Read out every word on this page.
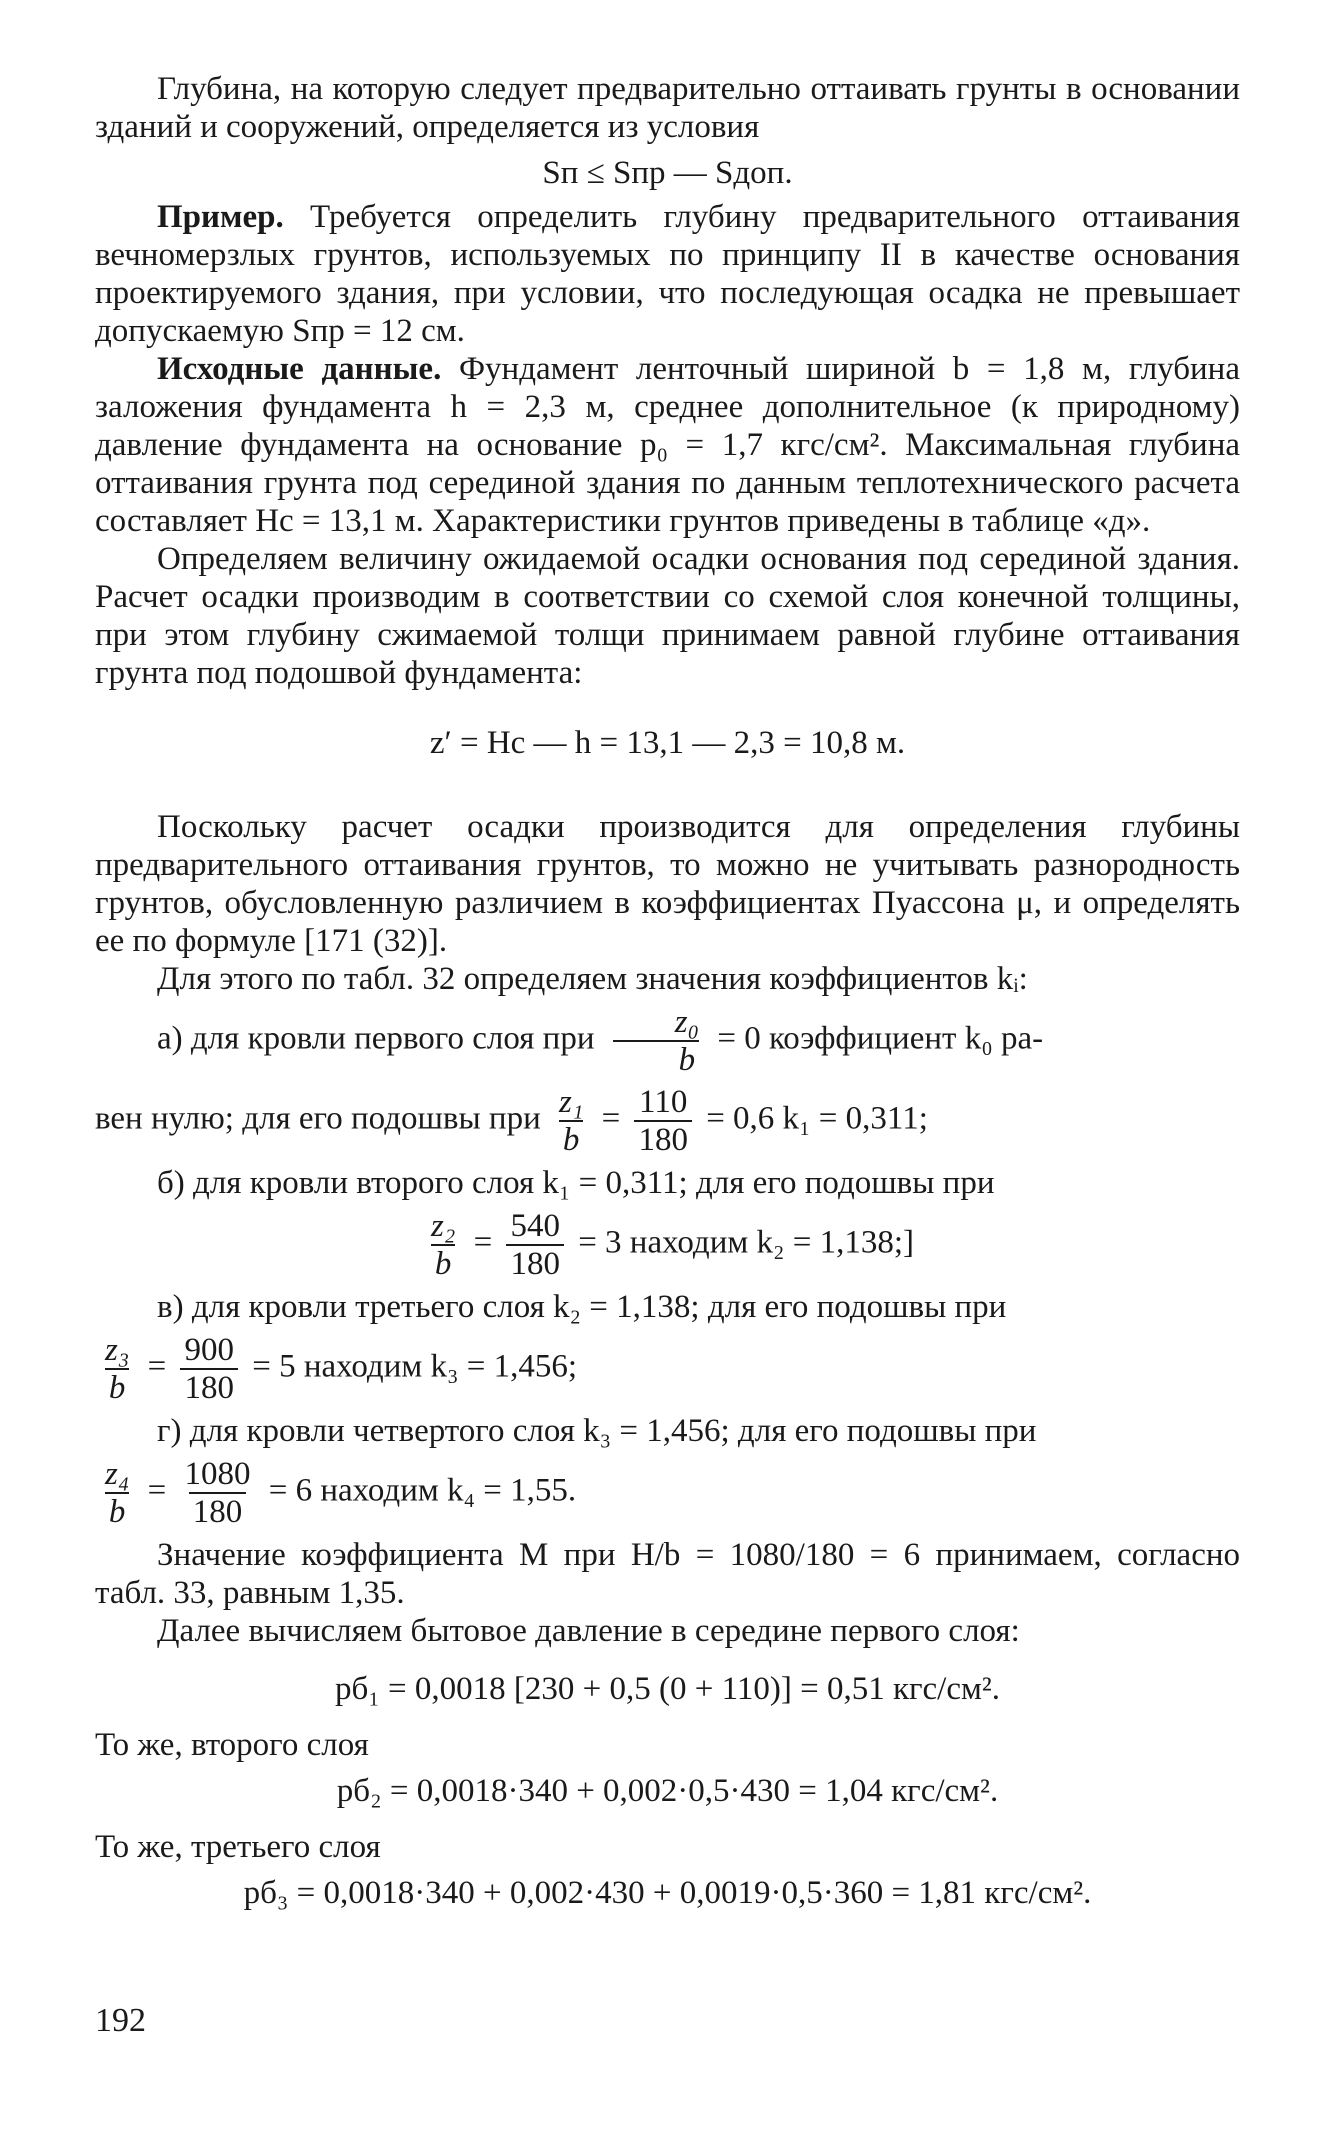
Глубина, на которую следует предварительно оттаивать грунты в основании зданий и сооружений, определяется из условия

Sп ≤ Sпр — Sдоп.

Пример. Требуется определить глубину предварительного оттаивания вечномерзлых грунтов, используемых по принципу II в качестве основания проектируемого здания, при условии, что последующая осадка не превышает допускаемую Sпр = 12 см.

Исходные данные. Фундамент ленточный шириной b = 1,8 м, глубина заложения фундамента h = 2,3 м, среднее дополнительное (к природному) давление фундамента на основание p₀ = 1,7 кгс/см². Максимальная глубина оттаивания грунта под серединой здания по данным теплотехнического расчета составляет Hс = 13,1 м. Характеристики грунтов приведены в таблице «д».

Определяем величину ожидаемой осадки основания под серединой здания. Расчет осадки производим в соответствии со схемой слоя конечной толщины, при этом глубину сжимаемой толщи принимаем равной глубине оттаивания грунта под подошвой фундамента:

z′ = Hс — h = 13,1 — 2,3 = 10,8 м.

Поскольку расчет осадки производится для определения глубины предварительного оттаивания грунтов, то можно не учитывать разнородность грунтов, обусловленную различием в коэффициентах Пуассона μ, и определять ее по формуле [171 (32)].

Для этого по табл. 32 определяем значения коэффициентов kᵢ:

а) для кровли первого слоя при $\frac{\text{z₀}}{b} = 0$ коэффициент k₀ ра-

вен нулю; для его подошвы при $\frac{\text{z₁}}{b} = \frac{110}{180} = 0,6$ k₁ = 0,311;

б) для кровли второго слоя k₁ = 0,311; для его подошвы при

$\frac{\text{z₂}}{b} = \frac{540}{180} = 3$ находим k₂ = 1,138;]

в) для кровли третьего слоя k₂ = 1,138; для его подошвы при

$\frac{\text{z₃}}{b} = \frac{900}{180} = 5$ находим k₃ = 1,456;

г) для кровли четвертого слоя k₃ = 1,456; для его подошвы при

$\frac{\text{z₄}}{b} = \frac{1080}{180} = 6$ находим k₄ = 1,55.

Значение коэффициента M при H/b = 1080/180 = 6 принимаем, согласно табл. 33, равным 1,35.

Далее вычисляем бытовое давление в середине первого слоя:

pб₁ = 0,0018 [230 + 0,5 (0 + 110)] = 0,51 кгс/см².

То же, второго слоя

pб₂ = 0,0018·340 + 0,002·0,5·430 = 1,04 кгс/см².

То же, третьего слоя

pб₃ = 0,0018·340 + 0,002·430 + 0,0019·0,5·360 = 1,81 кгс/см².

192
